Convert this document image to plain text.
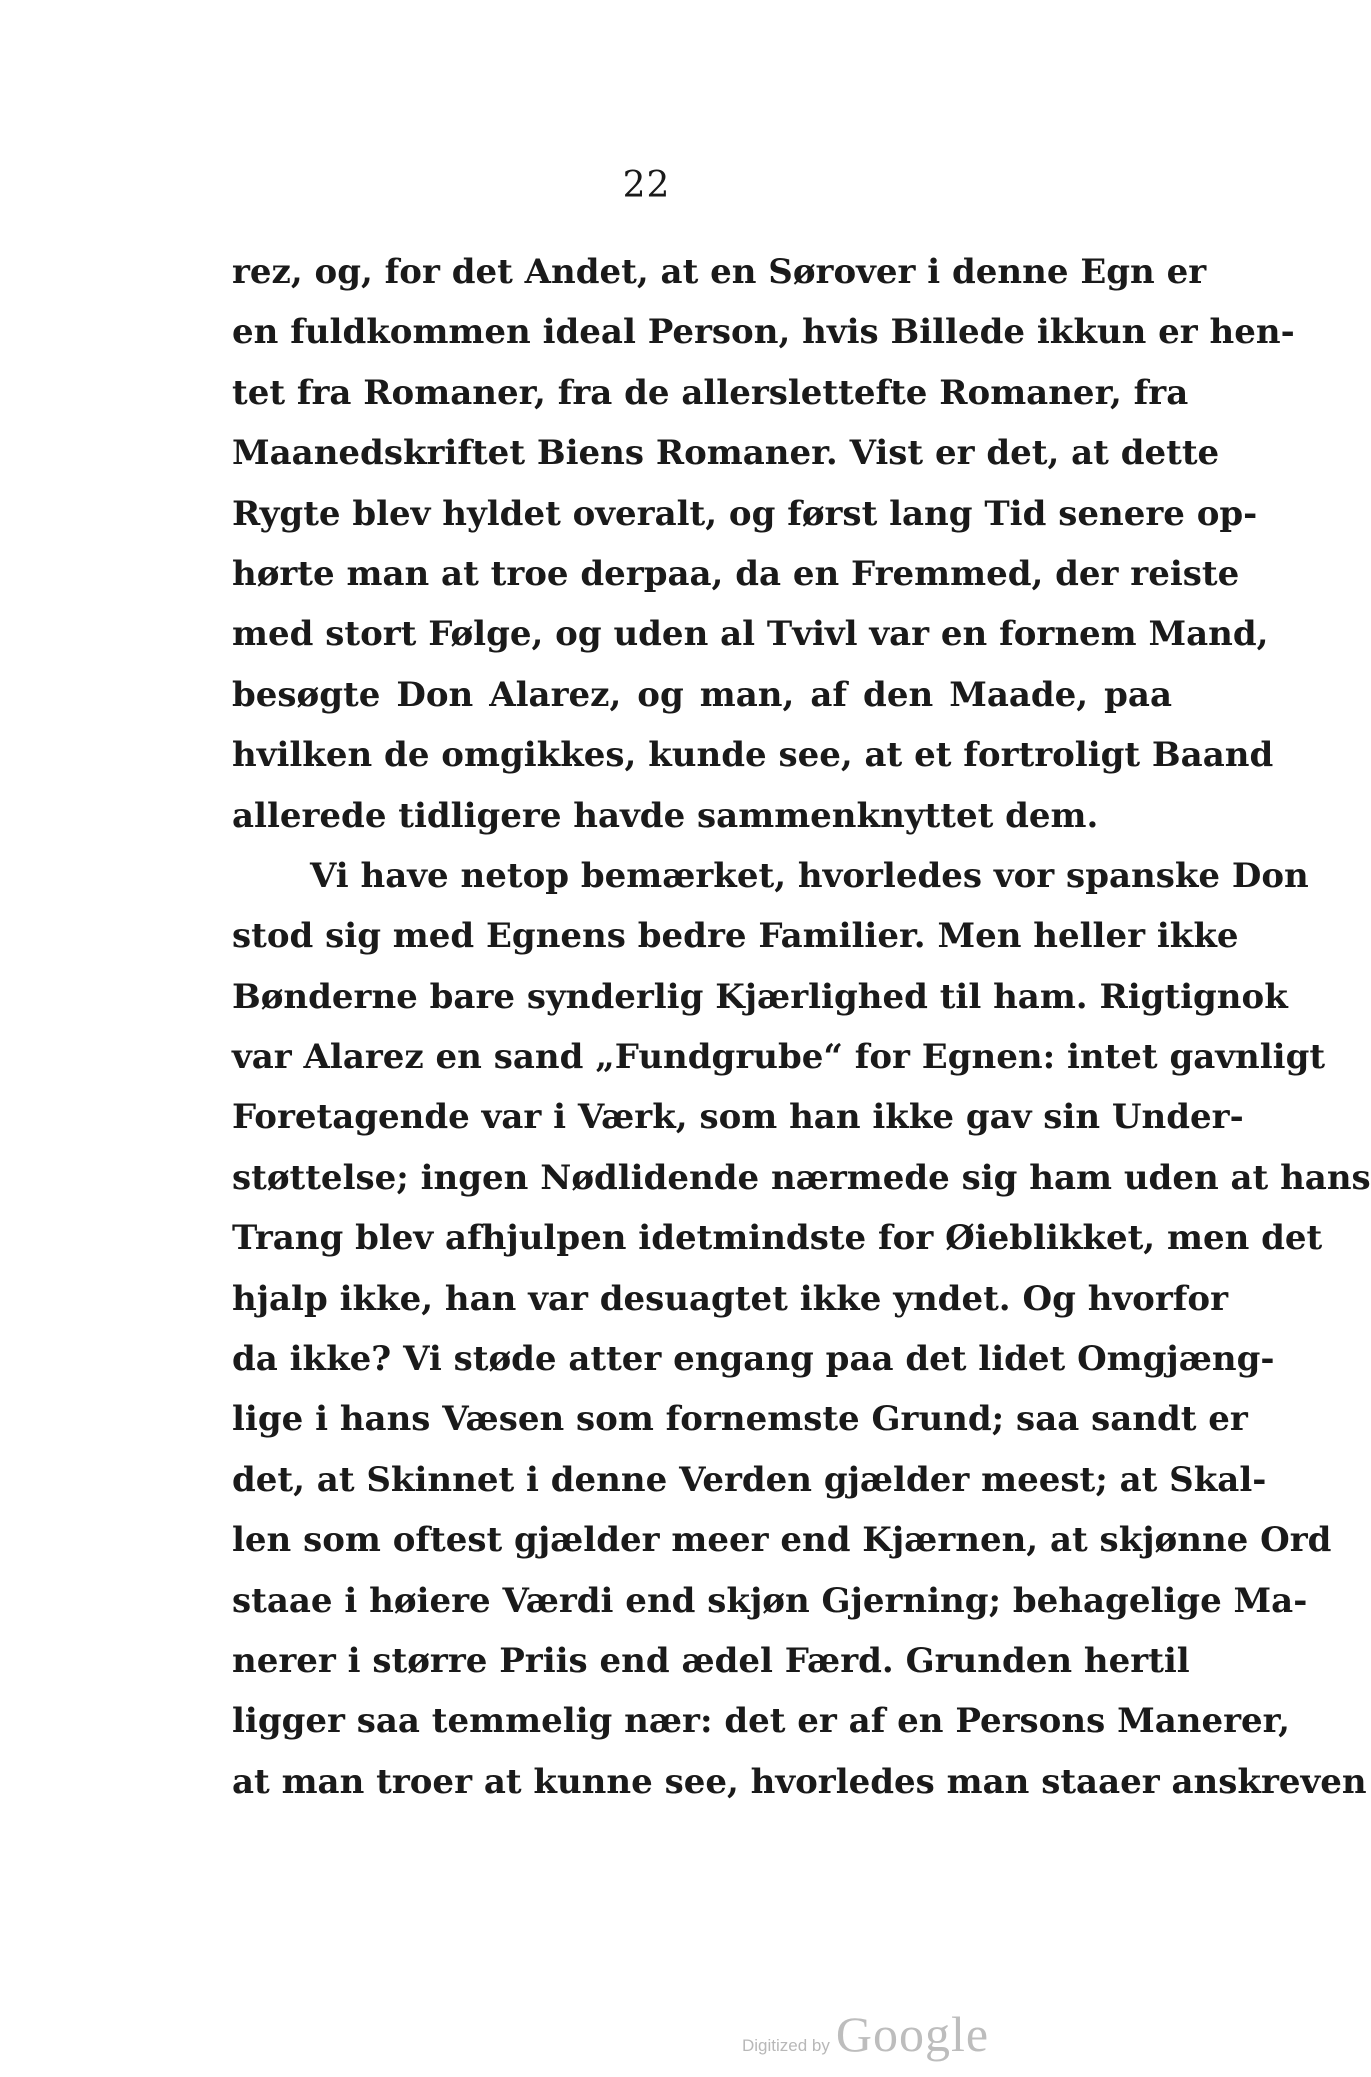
22
rez, og, for det Andet, at en Sørover i denne Egn er
en fuldkommen ideal Person, hvis Billede ikkun er hen-
tet fra Romaner, fra de allerslettefte Romaner, fra
Maanedskriftet Biens Romaner. Vist er det, at dette
Rygte blev hyldet overalt, og først lang Tid senere op-
hørte man at troe derpaa, da en Fremmed, der reiste
med stort Følge, og uden al Tvivl var en fornem Mand,
besøgte Don Alarez, og man, af den Maade, paa
hvilken de omgikkes, kunde see, at et fortroligt Baand
allerede tidligere havde sammenknyttet dem.
Vi have netop bemærket, hvorledes vor spanske Don
stod sig med Egnens bedre Familier. Men heller ikke
Bønderne bare synderlig Kjærlighed til ham. Rigtignok
var Alarez en sand „Fundgrube“ for Egnen: intet gavnligt
Foretagende var i Værk, som han ikke gav sin Under-
støttelse; ingen Nødlidende nærmede sig ham uden at hans
Trang blev afhjulpen idetmindste for Øieblikket, men det
hjalp ikke, han var desuagtet ikke yndet. Og hvorfor
da ikke? Vi støde atter engang paa det lidet Omgjæng-
lige i hans Væsen som fornemste Grund; saa sandt er
det, at Skinnet i denne Verden gjælder meest; at Skal-
len som oftest gjælder meer end Kjærnen, at skjønne Ord
staae i høiere Værdi end skjøn Gjerning; behagelige Ma-
nerer i større Priis end ædel Færd. Grunden hertil
ligger saa temmelig nær: det er af en Persons Manerer,
at man troer at kunne see, hvorledes man staaer anskreven
Digitized by Google
